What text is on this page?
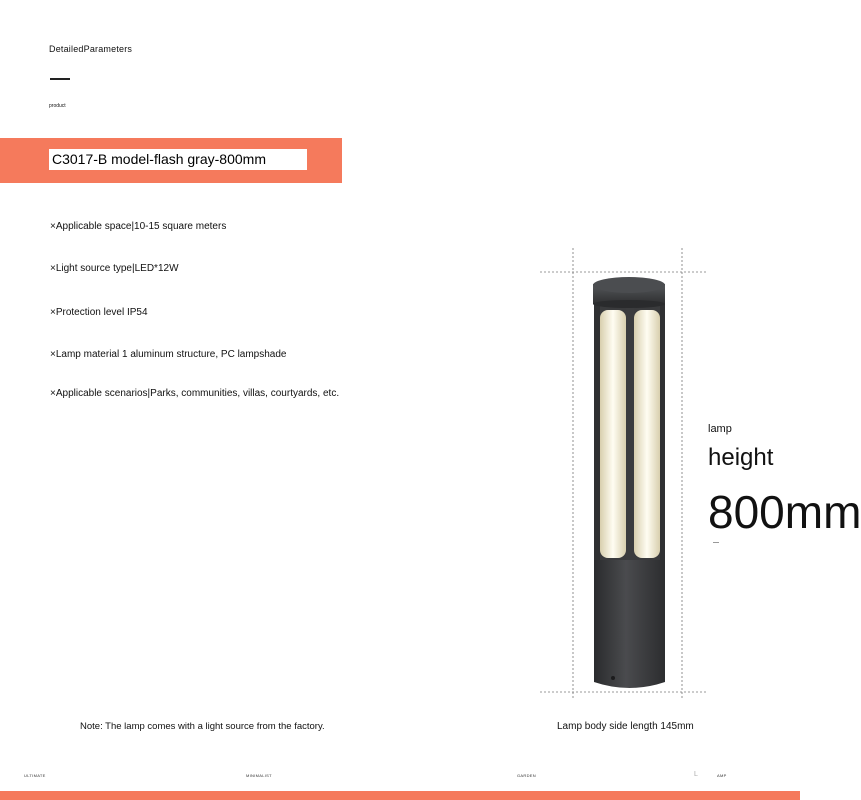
DetailedParameters
product
C3017-B model-flash gray-800mm
×Applicable space|10-15 square meters
×Light source type|LED*12W
×Protection level IP54
×Lamp material 1 aluminum structure, PC lampshade
×Applicable scenarios|Parks, communities, villas, courtyards, etc.
lamp
height
800mm
Note: The lamp comes with a light source from the factory.	Lamp body side length 145mm
ULTIMATE	MINIMALIST	GARDEN	L	AMP
